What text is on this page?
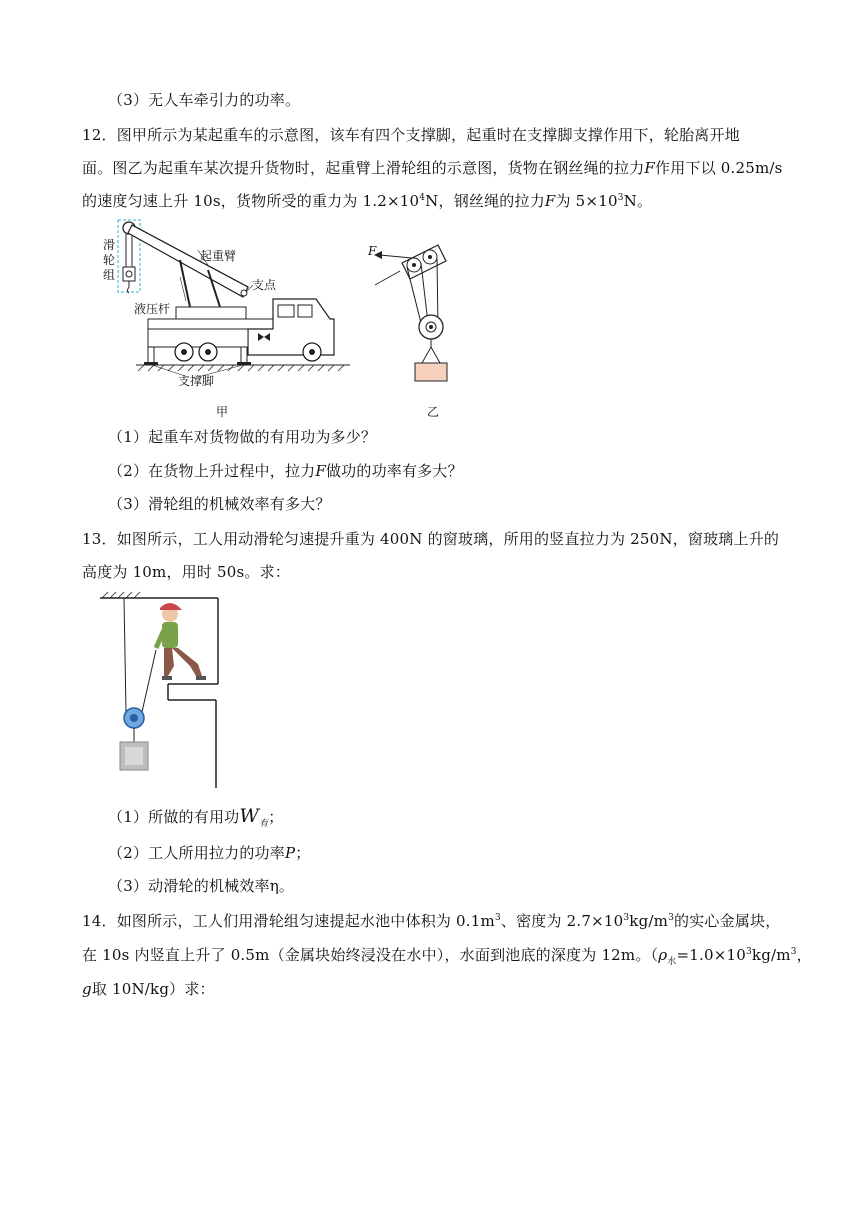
（3）无人车牵引力的功率。
12．图甲所示为某起重车的示意图，该车有四个支撑脚，起重时在支撑脚支撑作用下，轮胎离开地
面。图乙为起重车某次提升货物时，起重臂上滑轮组的示意图，货物在钢丝绳的拉力F作用下以 0.25m/s
的速度匀速上升 10s，货物所受的重力为 $1.2\times 10^4N$，钢丝绳的拉力F为 $5\times 10^3N$。
滑
轮
组
起重臂
支点
液压杆
支撑脚
甲
F
乙
（1）起重车对货物做的有用功为多少？
（2）在货物上升过程中，拉力F做功的功率有多大？
（3）滑轮组的机械效率有多大？
13．如图所示，工人用动滑轮匀速提升重为 400N 的窗玻璃，所用的竖直拉力为 250N，窗玻璃上升的
高度为 10m，用时 50s。求：
（1）所做的有用功$W_有$；
（2）工人所用拉力的功率P；
（3）动滑轮的机械效率η。
14．如图所示，工人们用滑轮组匀速提起水池中体积为 $0.1m^3$、密度为 $2.7\times 10^3kg/m^3$的实心金属块，
在 10s 内竖直上升了 0.5m（金属块始终浸没在水中），水面到池底的深度为 12m。（$\rho_水=1.0\times 10^3kg/m^3$，
g取 10N/kg）求：
